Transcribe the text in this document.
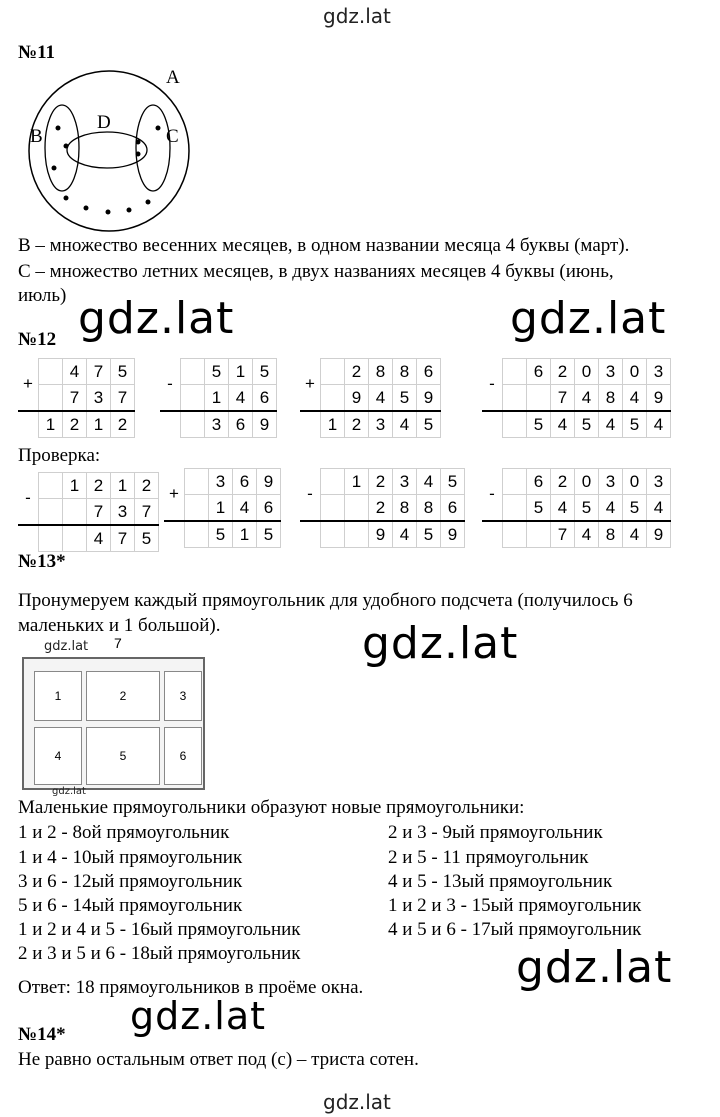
gdz.lat
№11
A
B	C
D
B – множество весенних месяцев, в одном названии месяца 4 буквы (март).
C – множество летних месяцев, в двух названиях месяцев 4 буквы (июнь,
июль) gdz.lat	gdz.lat
№12
+		4	7	5
		7	3	7
	1	2	1	2
-		5	1	5
		1	4	6
		3	6	9
+		2	8	8	6
		9	4	5	9
	1	2	3	4	5
-		6	2	0	3	0	3
			7	4	8	4	9
		5	4	5	4	5	4
-		1	2	1	2
			7	3	7
			4	7	5
+		3	6	9
		1	4	6
		5	1	5
-		1	2	3	4	5
			2	8	8	6
			9	4	5	9
-		6	2	0	3	0	3
		5	4	5	4	5	4
			7	4	8	4	9
Проверка:
№13*
Пронумеруем каждый прямоугольник для удобного подсчета (получилось 6
маленьких и 1 большой).	gdz.lat
gdz.lat 7
1	2	3
4	5	6
gdz.lat
Маленькие прямоугольники образуют новые прямоугольники:
1 и 2 - 8ой прямоугольник
1 и 4 - 10ый прямоугольник
3 и 6 - 12ый прямоугольник
5 и 6 - 14ый прямоугольник
1 и 2 и 4 и 5 - 16ый прямоугольник
2 и 3 и 5 и 6 - 18ый прямоугольник
2 и 3 - 9ый прямоугольник
2 и 5 - 11 прямоугольник
4 и 5 - 13ый прямоугольник
1 и 2 и 3 - 15ый прямоугольник
4 и 5 и 6 - 17ый прямоугольник
gdz.lat
Ответ: 18 прямоугольников в проёме окна.
gdz.lat
№14*
Не равно остальным ответ под (с) – триста сотен.
gdz.lat
